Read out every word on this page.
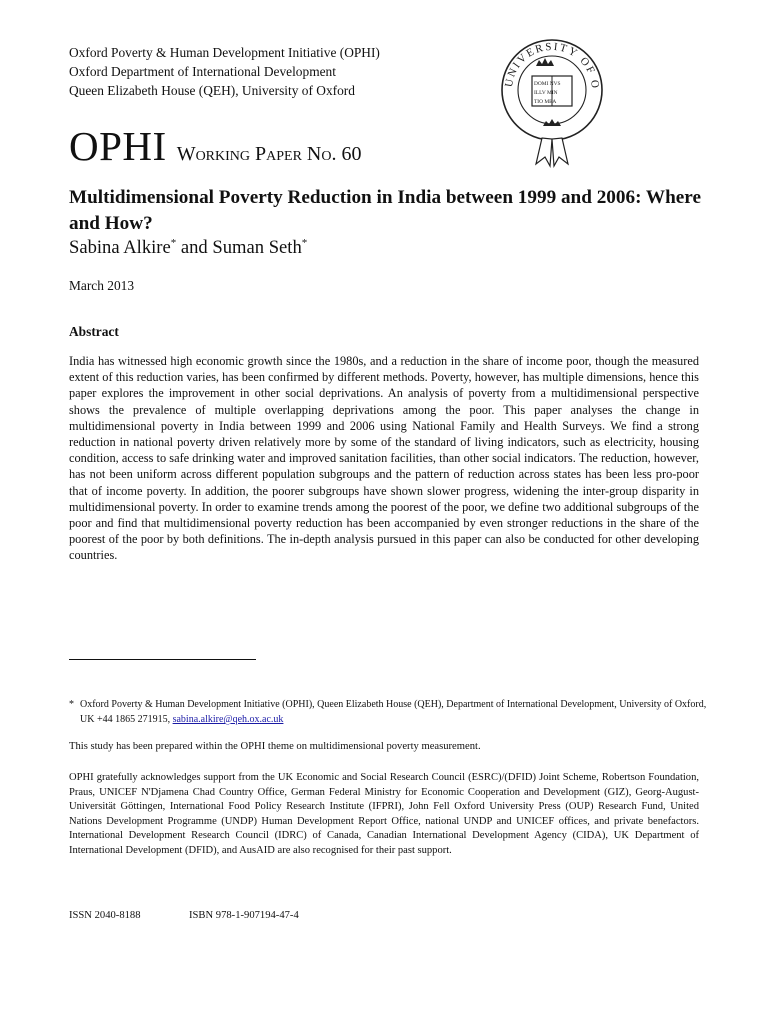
Oxford Poverty & Human Development Initiative (OPHI)
Oxford Department of International Development
Queen Elizabeth House (QEH), University of Oxford
UNIVERSITY OF O
DOMI NVS
ILLV MIN
TIO MEA
OPHI Working Paper No. 60
Multidimensional Poverty Reduction in India between 1999 and 2006: Where and How?
Sabina Alkire* and Suman Seth*
March 2013
Abstract
India has witnessed high economic growth since the 1980s, and a reduction in the share of income poor, though the measured extent of this reduction varies, has been confirmed by different methods. Poverty, however, has multiple dimensions, hence this paper explores the improvement in other social deprivations. An analysis of poverty from a multidimensional perspective shows the prevalence of multiple overlapping deprivations among the poor. This paper analyses the change in multidimensional poverty in India between 1999 and 2006 using National Family and Health Surveys. We find a strong reduction in national poverty driven relatively more by some of the standard of living indicators, such as electricity, housing condition, access to safe drinking water and improved sanitation facilities, than other social indicators. The reduction, however, has not been uniform across different population subgroups and the pattern of reduction across states has been less pro-poor that of income poverty. In addition, the poorer subgroups have shown slower progress, widening the inter-group disparity in multidimensional poverty. In order to examine trends among the poorest of the poor, we define two additional subgroups of the poor and find that multidimensional poverty reduction has been accompanied by even stronger reductions in the share of the poorest of the poor by both definitions. The in-depth analysis pursued in this paper can also be conducted for other developing countries.
* Oxford Poverty & Human Development Initiative (OPHI), Queen Elizabeth House (QEH), Department of International Development, University of Oxford, UK +44 1865 271915, sabina.alkire@qeh.ox.ac.uk
This study has been prepared within the OPHI theme on multidimensional poverty measurement.
OPHI gratefully acknowledges support from the UK Economic and Social Research Council (ESRC)/(DFID) Joint Scheme, Robertson Foundation, Praus, UNICEF N'Djamena Chad Country Office, German Federal Ministry for Economic Cooperation and Development (GIZ), Georg-August-Universität Göttingen, International Food Policy Research Institute (IFPRI), John Fell Oxford University Press (OUP) Research Fund, United Nations Development Programme (UNDP) Human Development Report Office, national UNDP and UNICEF offices, and private benefactors. International Development Research Council (IDRC) of Canada, Canadian International Development Agency (CIDA), UK Department of International Development (DFID), and AusAID are also recognised for their past support.
ISSN 2040-8188	ISBN 978-1-907194-47-4
